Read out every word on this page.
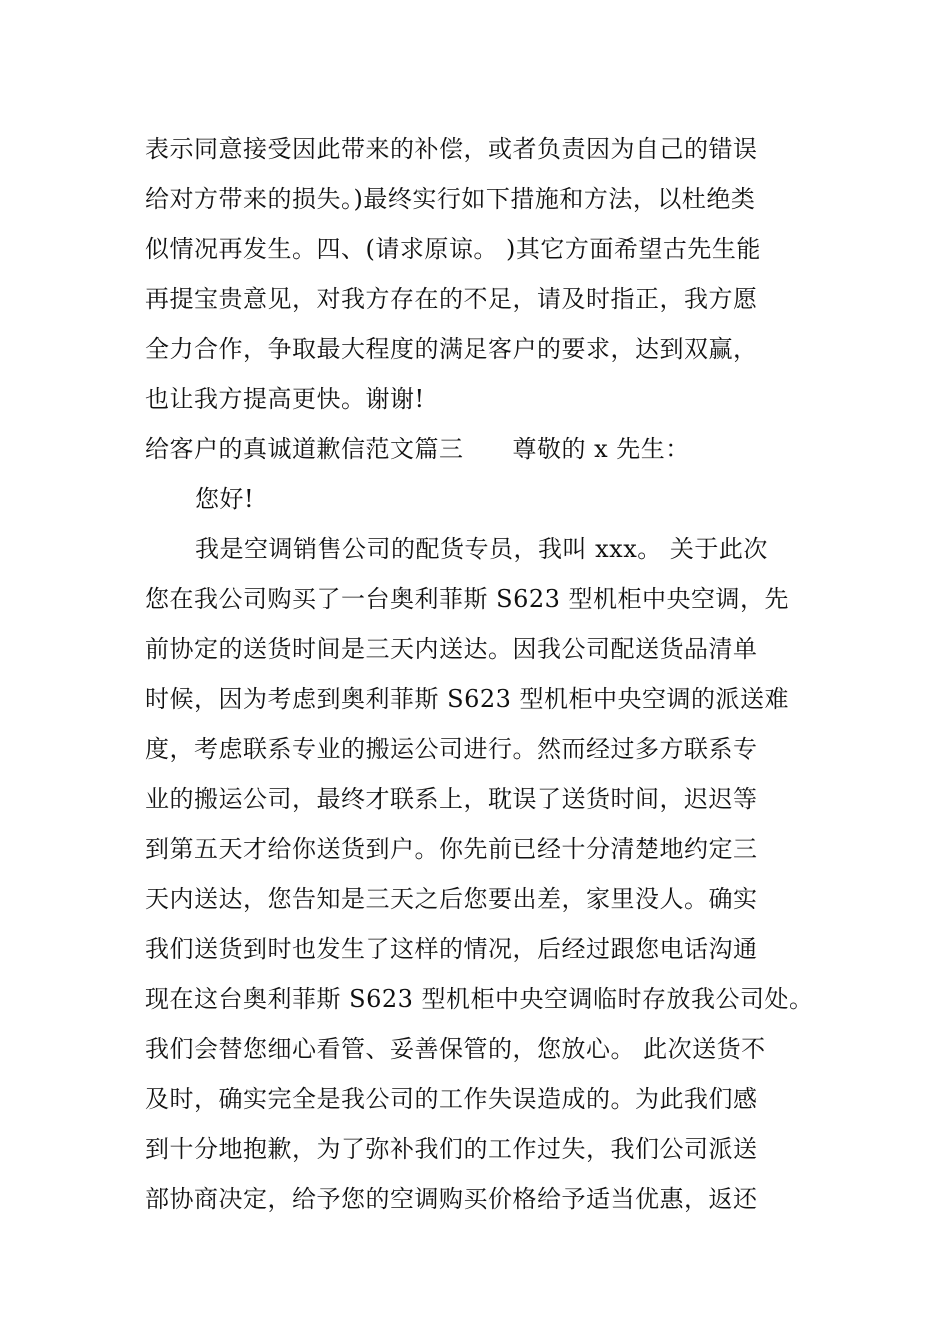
表示同意接受因此带来的补偿，或者负责因为自己的错误
给对方带来的损失。)最终实行如下措施和方法，以杜绝类
似情况再发生。四、(请求原谅。 )其它方面希望古先生能
再提宝贵意见，对我方存在的不足，请及时指正，我方愿
全力合作，争取最大程度的满足客户的要求，达到双赢，
也让我方提高更快。谢谢!
给客户的真诚道歉信范文篇三　　尊敬的 x 先生：
您好!
我是空调销售公司的配货专员，我叫 xxx。 关于此次
您在我公司购买了一台奥利菲斯 S623 型机柜中央空调，先
前协定的送货时间是三天内送达。因我公司配送货品清单
时候，因为考虑到奥利菲斯 S623 型机柜中央空调的派送难
度，考虑联系专业的搬运公司进行。然而经过多方联系专
业的搬运公司，最终才联系上，耽误了送货时间，迟迟等
到第五天才给你送货到户。你先前已经十分清楚地约定三
天内送达，您告知是三天之后您要出差，家里没人。确实
我们送货到时也发生了这样的情况，后经过跟您电话沟通
现在这台奥利菲斯 S623 型机柜中央空调临时存放我公司处。
我们会替您细心看管、妥善保管的，您放心。 此次送货不
及时，确实完全是我公司的工作失误造成的。为此我们感
到十分地抱歉，为了弥补我们的工作过失，我们公司派送
部协商决定，给予您的空调购买价格给予适当优惠，返还
